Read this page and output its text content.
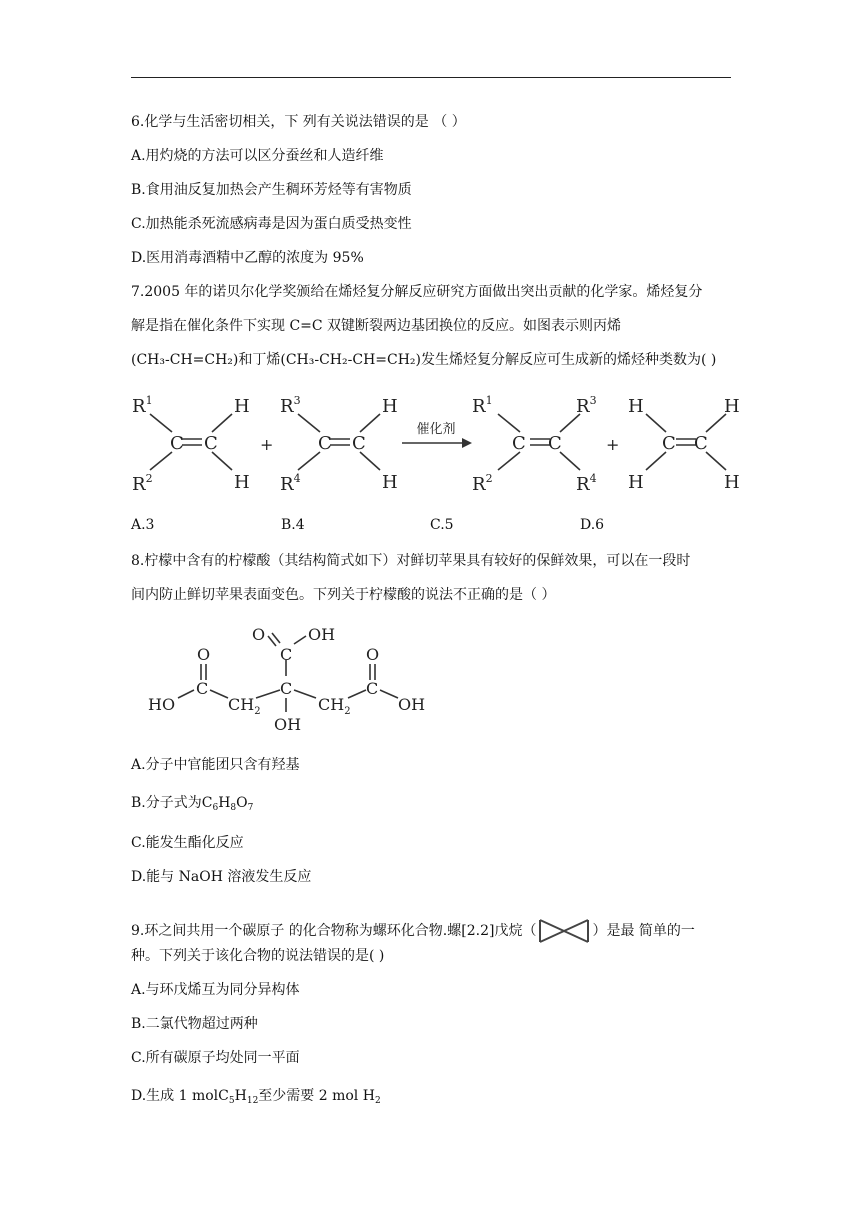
6.化学与生活密切相关，下 列有关说法错误的是 （ ）
A.用灼烧的方法可以区分蚕丝和人造纤维
B.食用油反复加热会产生稠环芳烃等有害物质
C.加热能杀死流感病毒是因为蛋白质受热变性
D.医用消毒酒精中乙醇的浓度为 95%
7.2005 年的诺贝尔化学奖颁给在烯烃复分解反应研究方面做出突出贡献的化学家。烯烃复分
解是指在催化条件下实现 C=C 双键断裂两边基团换位的反应。如图表示则丙烯
(CH₃-CH=CH₂)和丁烯(CH₃-CH₂-CH=CH₂)发生烯烃复分解反应可生成新的烯烃种类数为( )
$R^1$
$R^2$
C C
H
H
+
$R^3$
$R^4$
C C
H
H
$R^1$
$R^2$
C C
$R^3$
$R^4$
+
H
H
C C
H
H
催化剂
A.3	B.4	C.5	D.6
8.柠檬中含有的柠檬酸（其结构简式如下）对鲜切苹果具有较好的保鲜效果，可以在一段时
间内防止鲜切苹果表面变色。下列关于柠檬酸的说法不正确的是（ ）
HO
C
O
$CH_2$
C
C
O	OH
OH
$CH_2$
C
O
OH
A.分子中官能团只含有羟基
B.分子式为$C_6H_8O_7$
C.能发生酯化反应
D.能与 NaOH 溶液发生反应
9.环之间共用一个碳原子 的化合物称为螺环化合物.螺[2.2]戊烷（	）是最 简单的一
种。下列关于该化合物的说法错误的是( )
A.与环戊烯互为同分异构体
B.二氯代物超过两种
C.所有碳原子均处同一平面
D.生成 1 $molC_5H_{12}$至少需要 2 mol $H_2$
